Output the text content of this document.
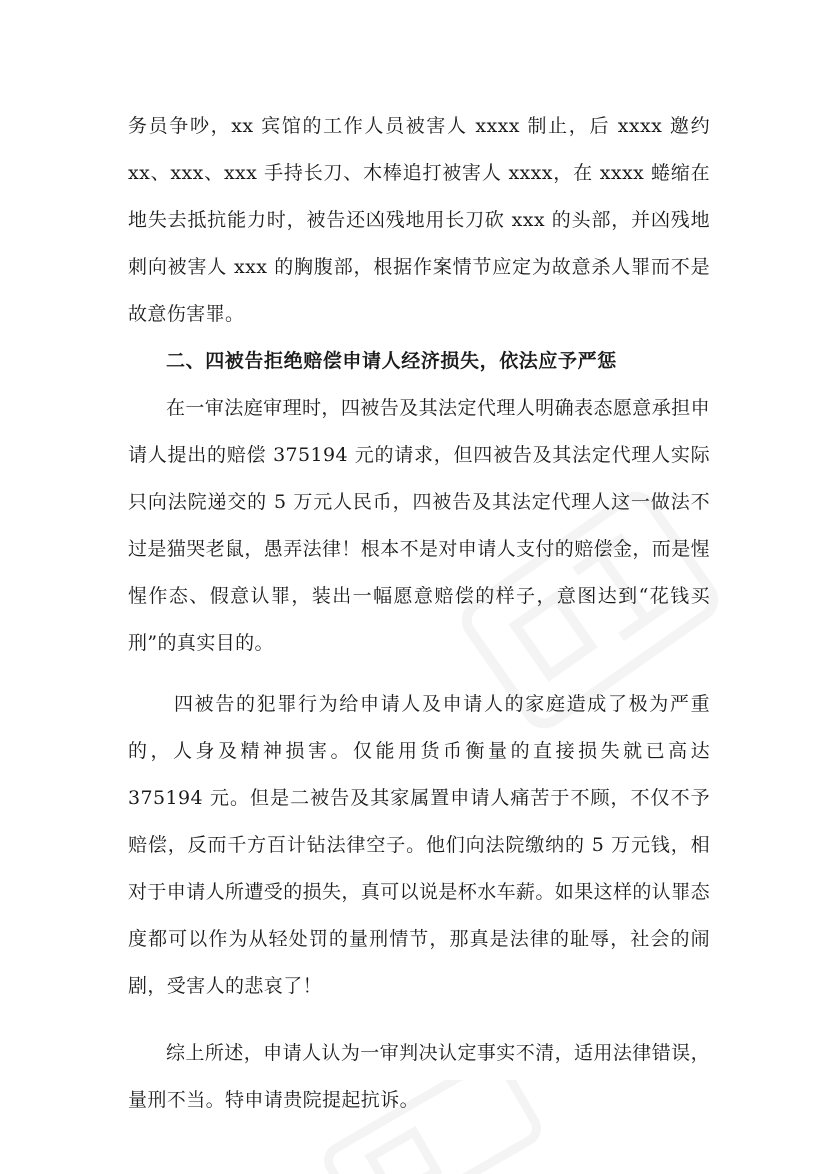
务员争吵，xx 宾馆的工作人员被害人 xxxx 制止，后 xxxx 邀约 xx、xxx、xxx 手持长刀、木棒追打被害人 xxxx，在 xxxx 蜷缩在地失去抵抗能力时，被告还凶残地用长刀砍 xxx 的头部，并凶残地刺向被害人 xxx 的胸腹部，根据作案情节应定为故意杀人罪而不是故意伤害罪。

二、四被告拒绝赔偿申请人经济损失，依法应予严惩

在一审法庭审理时，四被告及其法定代理人明确表态愿意承担申请人提出的赔偿 375194 元的请求，但四被告及其法定代理人实际只向法院递交的 5 万元人民币，四被告及其法定代理人这一做法不过是猫哭老鼠，愚弄法律！根本不是对申请人支付的赔偿金，而是惺惺作态、假意认罪，装出一幅愿意赔偿的样子，意图达到“花钱买刑”的真实目的。

四被告的犯罪行为给申请人及申请人的家庭造成了极为严重的，人身及精神损害。仅能用货币衡量的直接损失就已高达 375194 元。但是二被告及其家属置申请人痛苦于不顾，不仅不予赔偿，反而千方百计钻法律空子。他们向法院缴纳的 5 万元钱，相对于申请人所遭受的损失，真可以说是杯水车薪。如果这样的认罪态度都可以作为从轻处罚的量刑情节，那真是法律的耻辱，社会的闹剧，受害人的悲哀了！

综上所述，申请人认为一审判决认定事实不清，适用法律错误，量刑不当。特申请贵院提起抗诉。
